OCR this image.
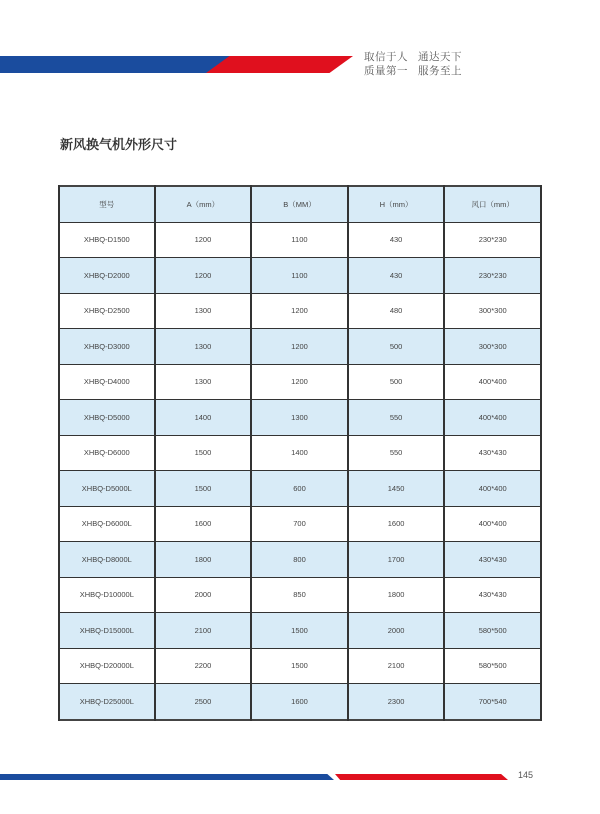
取信于人 通达天下
质量第一 服务至上
新风换气机外形尺寸
型号	A（mm）	B（MM）	H（mm）	风口（mm）
XHBQ-D1500	1200	1100	430	230*230
XHBQ-D2000	1200	1100	430	230*230
XHBQ-D2500	1300	1200	480	300*300
XHBQ-D3000	1300	1200	500	300*300
XHBQ-D4000	1300	1200	500	400*400
XHBQ-D5000	1400	1300	550	400*400
XHBQ-D6000	1500	1400	550	430*430
XHBQ-D5000L	1500	600	1450	400*400
XHBQ-D6000L	1600	700	1600	400*400
XHBQ-D8000L	1800	800	1700	430*430
XHBQ-D10000L	2000	850	1800	430*430
XHBQ-D15000L	2100	1500	2000	580*500
XHBQ-D20000L	2200	1500	2100	580*500
XHBQ-D25000L	2500	1600	2300	700*540
145
